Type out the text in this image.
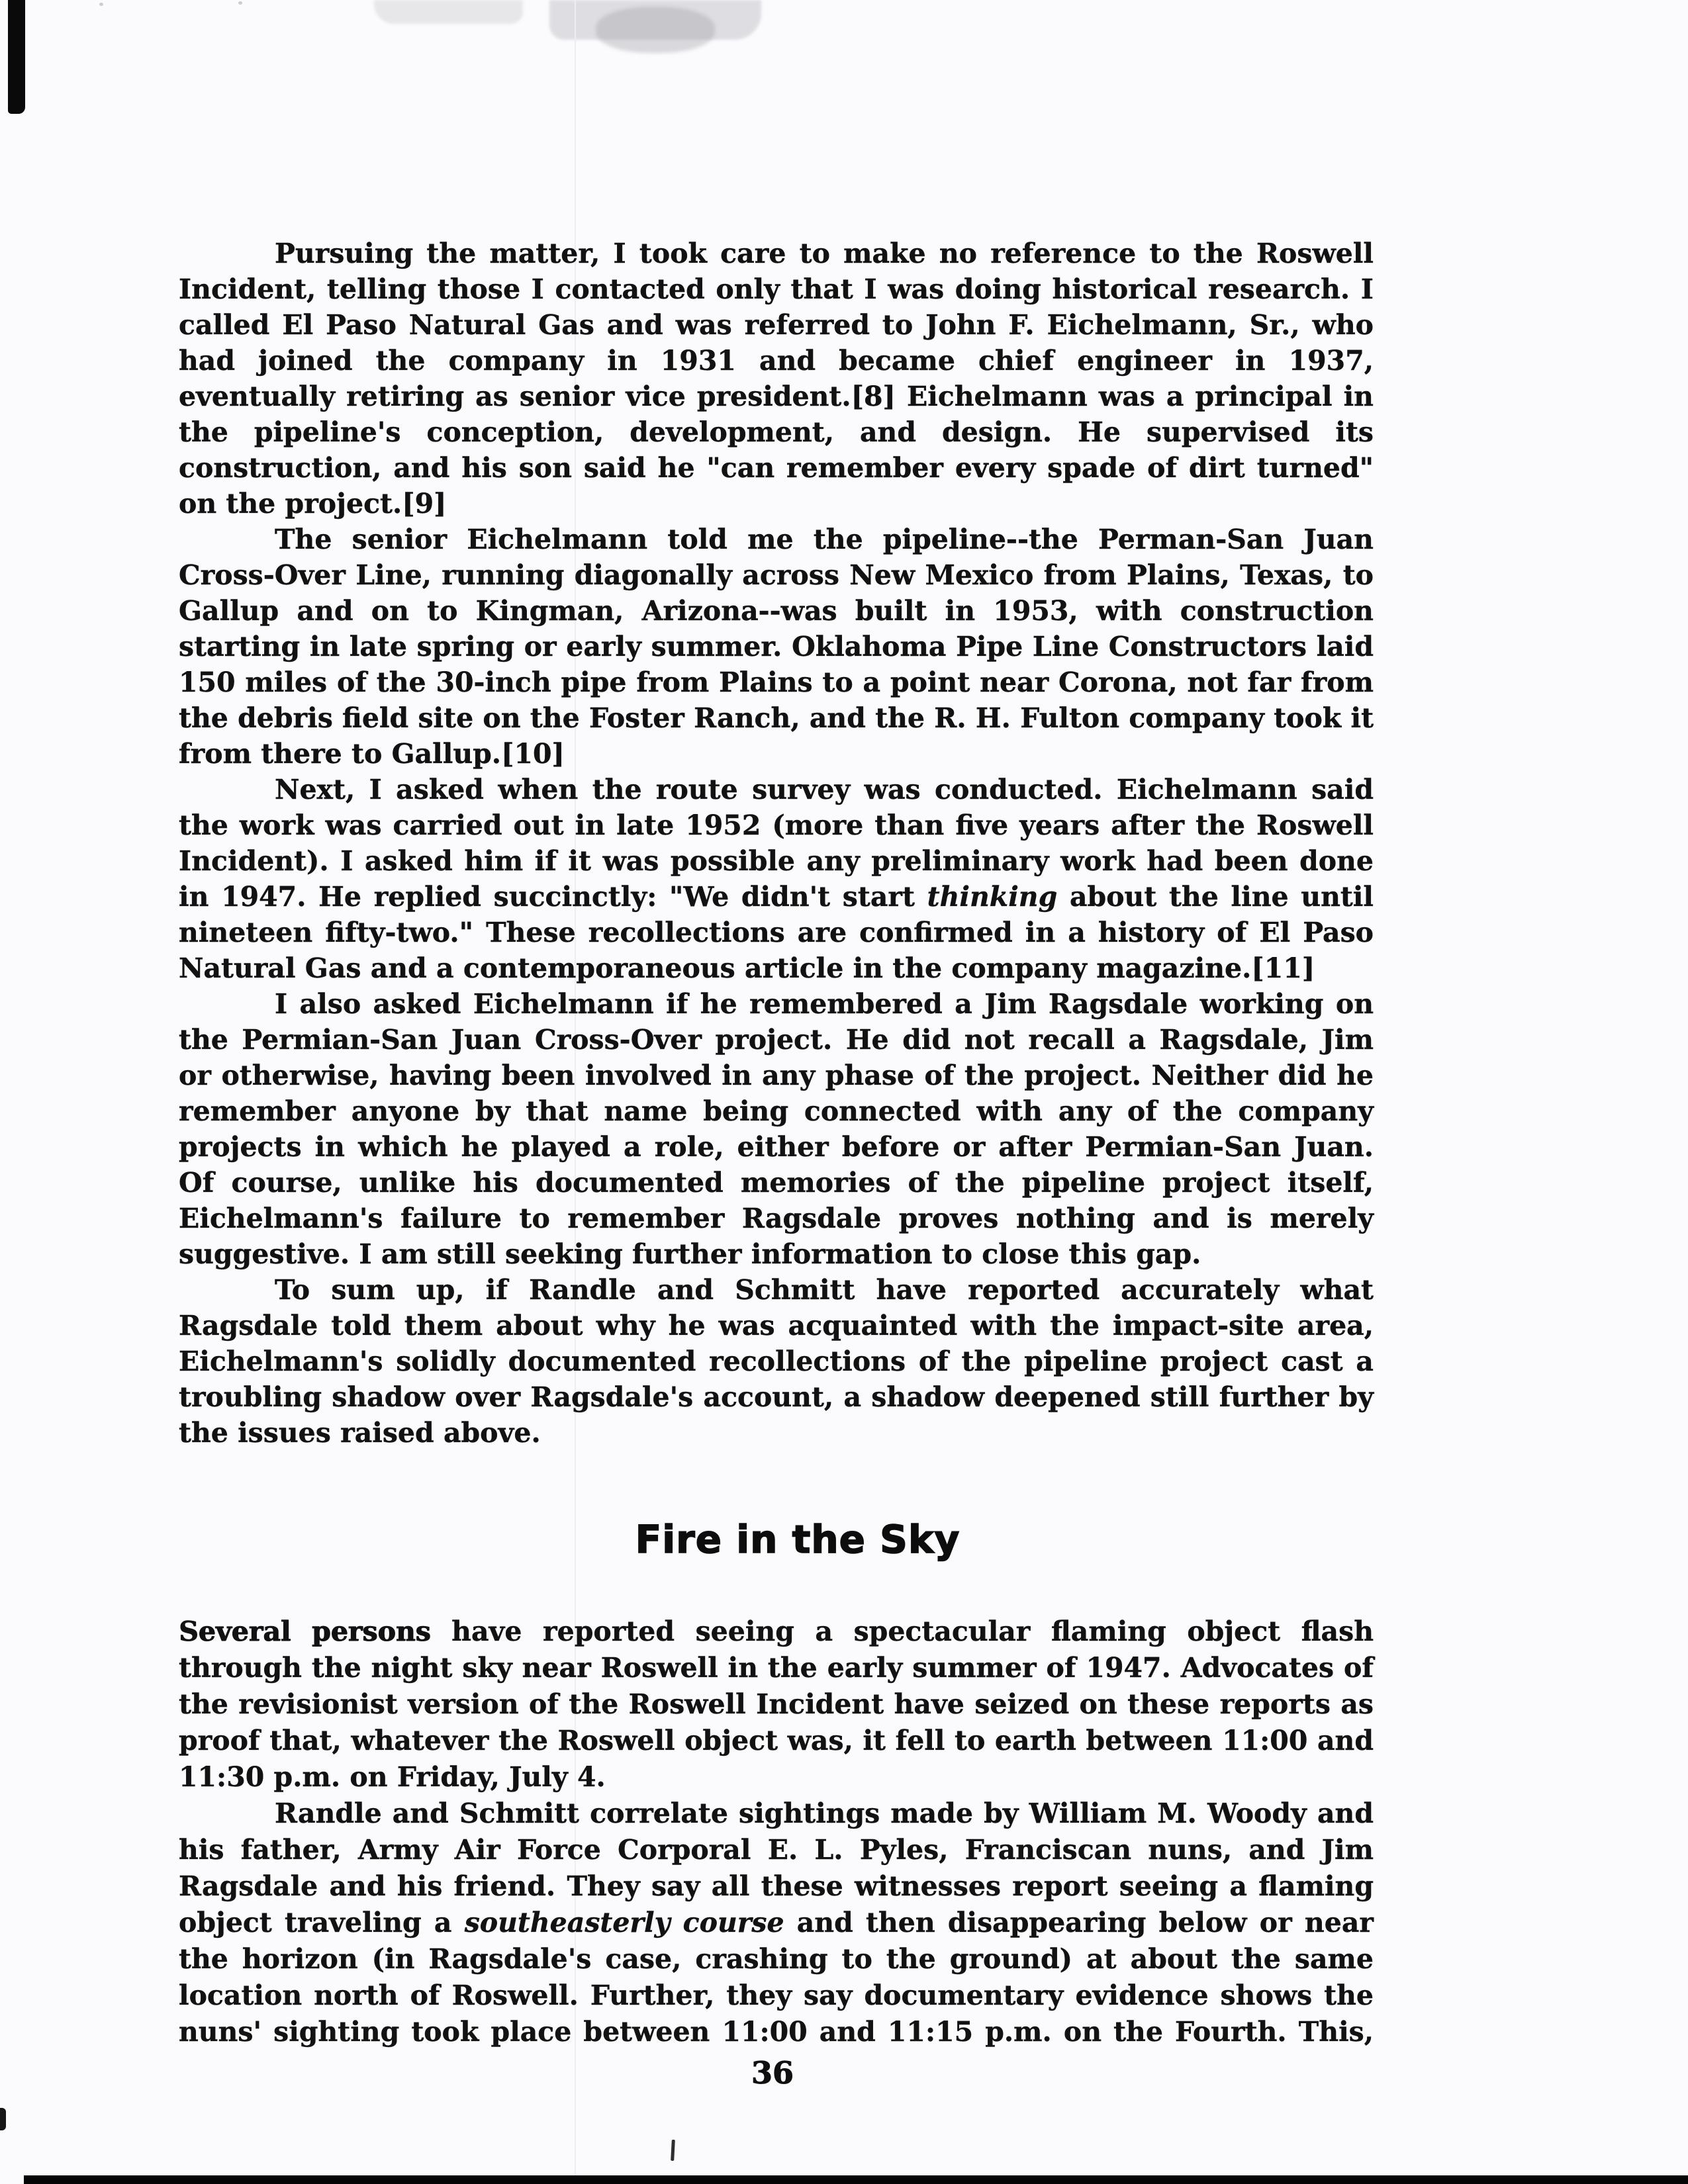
Pursuing the matter, I took care to make no reference to the Roswell
Incident, telling those I contacted only that I was doing historical research. I
called El Paso Natural Gas and was referred to John F. Eichelmann, Sr., who
had joined the company in 1931 and became chief engineer in 1937,
eventually retiring as senior vice president.[8] Eichelmann was a principal in
the pipeline's conception, development, and design. He supervised its
construction, and his son said he "can remember every spade of dirt turned"
on the project.[9]
The senior Eichelmann told me the pipeline--the Perman-San Juan
Cross-Over Line, running diagonally across New Mexico from Plains, Texas, to
Gallup and on to Kingman, Arizona--was built in 1953, with construction
starting in late spring or early summer. Oklahoma Pipe Line Constructors laid
150 miles of the 30-inch pipe from Plains to a point near Corona, not far from
the debris field site on the Foster Ranch, and the R. H. Fulton company took it
from there to Gallup.[10]
Next, I asked when the route survey was conducted. Eichelmann said
the work was carried out in late 1952 (more than five years after the Roswell
Incident). I asked him if it was possible any preliminary work had been done
in 1947. He replied succinctly: "We didn't start thinking about the line until
nineteen fifty-two." These recollections are confirmed in a history of El Paso
Natural Gas and a contemporaneous article in the company magazine.[11]
I also asked Eichelmann if he remembered a Jim Ragsdale working on
the Permian-San Juan Cross-Over project. He did not recall a Ragsdale, Jim
or otherwise, having been involved in any phase of the project. Neither did he
remember anyone by that name being connected with any of the company
projects in which he played a role, either before or after Permian-San Juan.
Of course, unlike his documented memories of the pipeline project itself,
Eichelmann's failure to remember Ragsdale proves nothing and is merely
suggestive. I am still seeking further information to close this gap.
To sum up, if Randle and Schmitt have reported accurately what
Ragsdale told them about why he was acquainted with the impact-site area,
Eichelmann's solidly documented recollections of the pipeline project cast a
troubling shadow over Ragsdale's account, a shadow deepened still further by
the issues raised above.
Fire in the Sky
Several persons have reported seeing a spectacular flaming object flash
through the night sky near Roswell in the early summer of 1947. Advocates of
the revisionist version of the Roswell Incident have seized on these reports as
proof that, whatever the Roswell object was, it fell to earth between 11:00 and
11:30 p.m. on Friday, July 4.
Randle and Schmitt correlate sightings made by William M. Woody and
his father, Army Air Force Corporal E. L. Pyles, Franciscan nuns, and Jim
Ragsdale and his friend. They say all these witnesses report seeing a flaming
object traveling a southeasterly course and then disappearing below or near
the horizon (in Ragsdale's case, crashing to the ground) at about the same
location north of Roswell. Further, they say documentary evidence shows the
nuns' sighting took place between 11:00 and 11:15 p.m. on the Fourth. This,
36
